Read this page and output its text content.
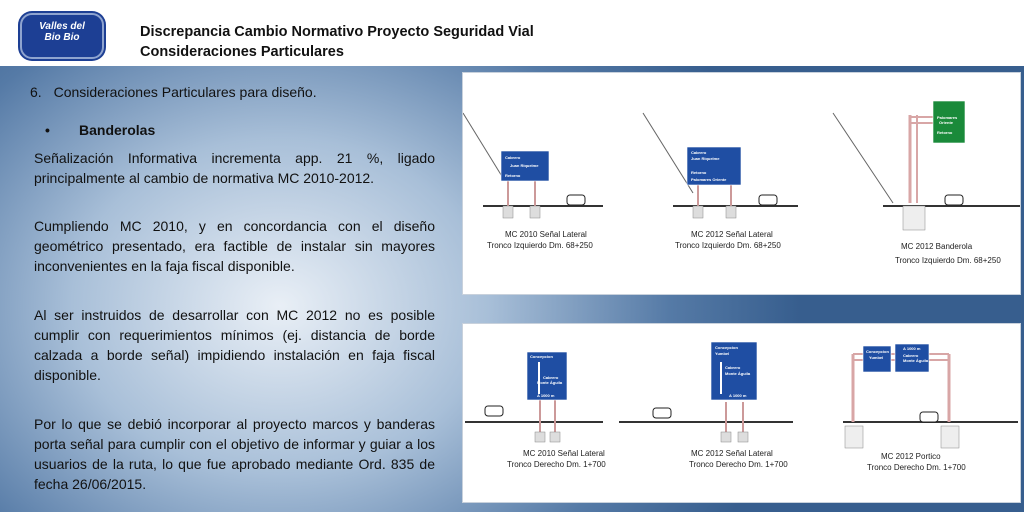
Valles del
Bio Bio	Discrepancia Cambio Normativo Proyecto Seguridad Vial
Consideraciones Particulares
6. Consideraciones Particulares para diseño.
• Banderolas
Señalización Informativa incrementa app. 21 %, ligado principalmente al cambio de normativa MC 2010-2012.
Cumpliendo MC 2010, y en concordancia con el diseño geométrico presentado, era factible de instalar sin mayores inconvenientes en la faja fiscal disponible.
Al ser instruidos de desarrollar con MC 2012 no es posible cumplir con requerimientos mínimos (ej. distancia de borde calzada a borde señal) impidiendo instalación en faja fiscal disponible.
Por lo que se debió incorporar al proyecto marcos y banderas porta señal para cumplir con el objetivo de informar y guiar a los usuarios de la ruta, lo que fue aprobado mediante Ord. 835 de fecha 26/06/2015.
Cabrero
Juan Riquelme
Retorno
Cabrero
Juan Riquelme
Retorno
Palomares Oriente
Palomares
Oriente
Retorno
MC 2010 Señal Lateral
Tronco Izquierdo Dm. 68+250
MC 2012 Señal Lateral
Tronco Izquierdo Dm. 68+250	MC 2012 Banderola
Tronco Izquierdo Dm. 68+250
Concepcion
Cabrero
Monte Águila
A 1000 m
Concepcion
Yumbel
Cabrero
Monte Águila
A 1000 m
Concepcion
Yumbel
A 1000 m
Cabrero
Monte Águila
MC 2010 Señal Lateral
Tronco Derecho Dm. 1+700
MC 2012 Señal Lateral
Tronco Derecho Dm. 1+700
MC 2012 Portico
Tronco Derecho Dm. 1+700
